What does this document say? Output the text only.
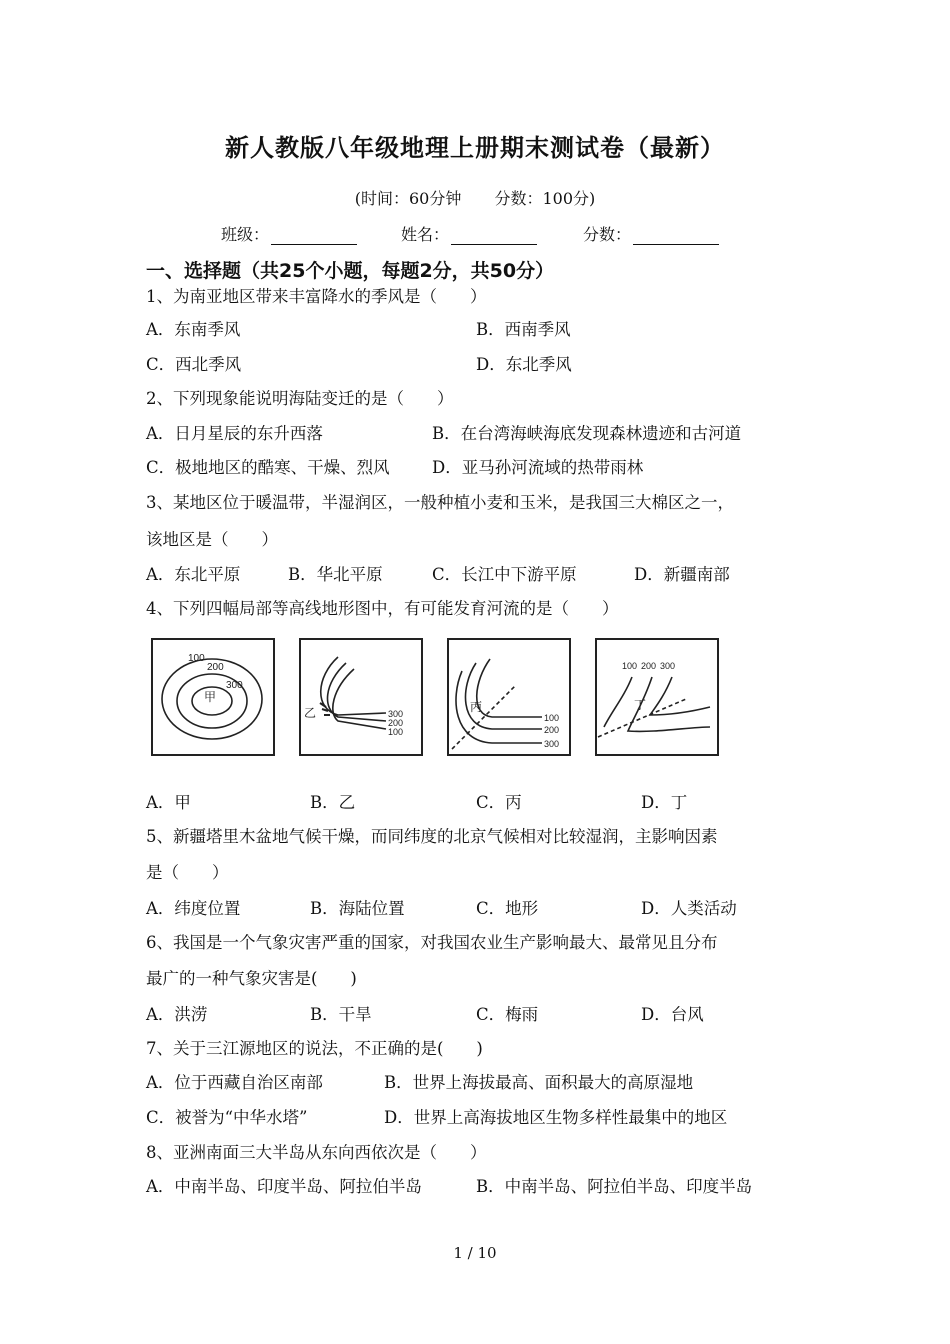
新人教版八年级地理上册期末测试卷（最新）
(时间：60分钟 分数：100分)
班级：	姓名：	分数：
一、选择题（共25个小题，每题2分，共50分）
1、为南亚地区带来丰富降水的季风是（　　）
A．东南季风	B．西南季风
C．西北季风	D．东北季风
2、下列现象能说明海陆变迁的是（　　）
A．日月星辰的东升西落	B．在台湾海峡海底发现森林遗迹和古河道
C．极地地区的酷寒、干燥、烈风	D．亚马孙河流域的热带雨林
3、某地区位于暖温带，半湿润区，一般种植小麦和玉米，是我国三大棉区之一，
该地区是（　　）
A．东北平原	B．华北平原	C．长江中下游平原	D．新疆南部
4、下列四幅局部等高线地形图中，有可能发育河流的是（　　）
100
200
300
甲
300
200
100
乙	100
200
300
丙
100 200 300
丁
A．甲	B．乙	C．丙	D．丁
5、新疆塔里木盆地气候干燥，而同纬度的北京气候相对比较湿润，主影响因素
是（　　）
A．纬度位置	B．海陆位置	C．地形	D．人类活动
6、我国是一个气象灾害严重的国家，对我国农业生产影响最大、最常见且分布
最广的一种气象灾害是(　　)
A．洪涝	B．干旱	C．梅雨	D．台风
7、关于三江源地区的说法，不正确的是(　　)
A．位于西藏自治区南部	B．世界上海拔最高、面积最大的高原湿地
C．被誉为“中华水塔”	D．世界上高海拔地区生物多样性最集中的地区
8、亚洲南面三大半岛从东向西依次是（　　）
A．中南半岛、印度半岛、阿拉伯半岛	B．中南半岛、阿拉伯半岛、印度半岛
1 / 10
